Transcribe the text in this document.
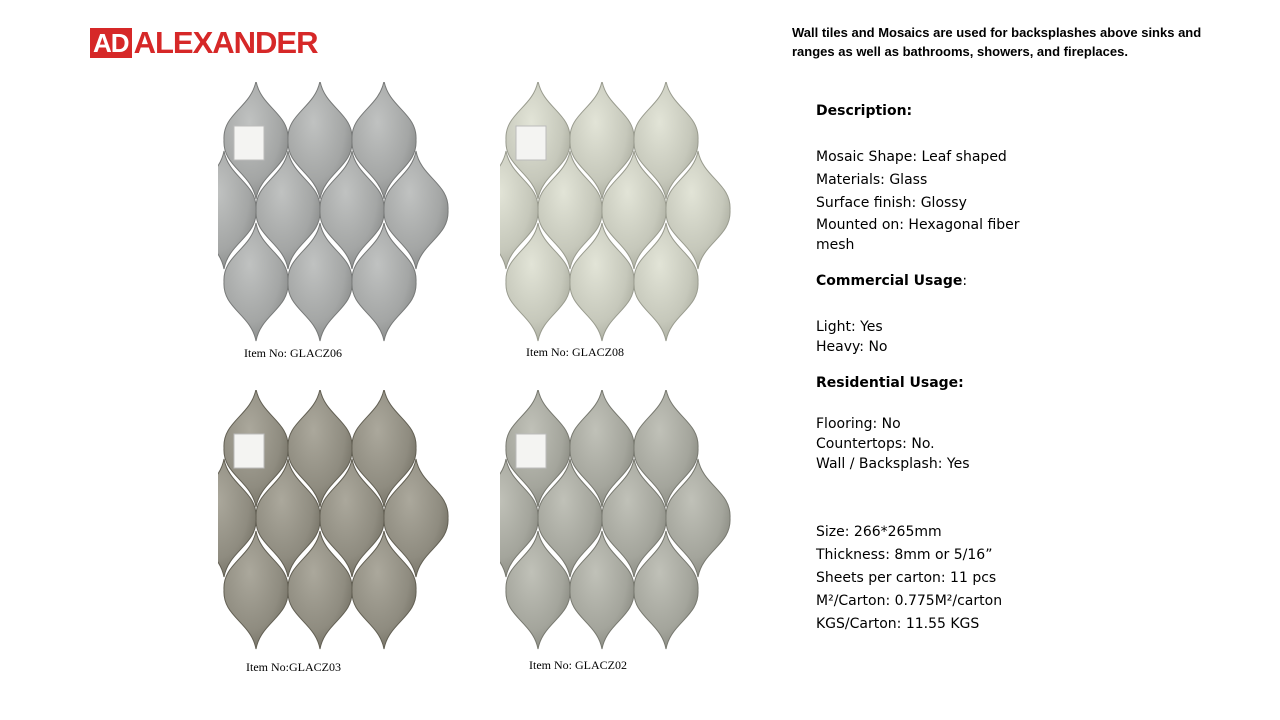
AD ALEXANDER	Wall tiles and Mosaics are used for backsplashes above sinks and ranges as well as bathrooms, showers, and fireplaces.
Item No: GLACZ06	Item No: GLACZ08
Item No:GLACZ03	Item No: GLACZ02
Description:
Mosaic Shape: Leaf shaped
Materials: Glass
Surface finish: Glossy
Mounted on: Hexagonal fiber mesh
Commercial Usage:
Light: Yes
Heavy: No
Residential Usage:
Flooring: No
Countertops: No.
Wall / Backsplash: Yes
Size: 266*265mm
Thickness: 8mm or 5/16”
Sheets per carton: 11 pcs
M²/Carton: 0.775M²/carton
KGS/Carton: 11.55 KGS
